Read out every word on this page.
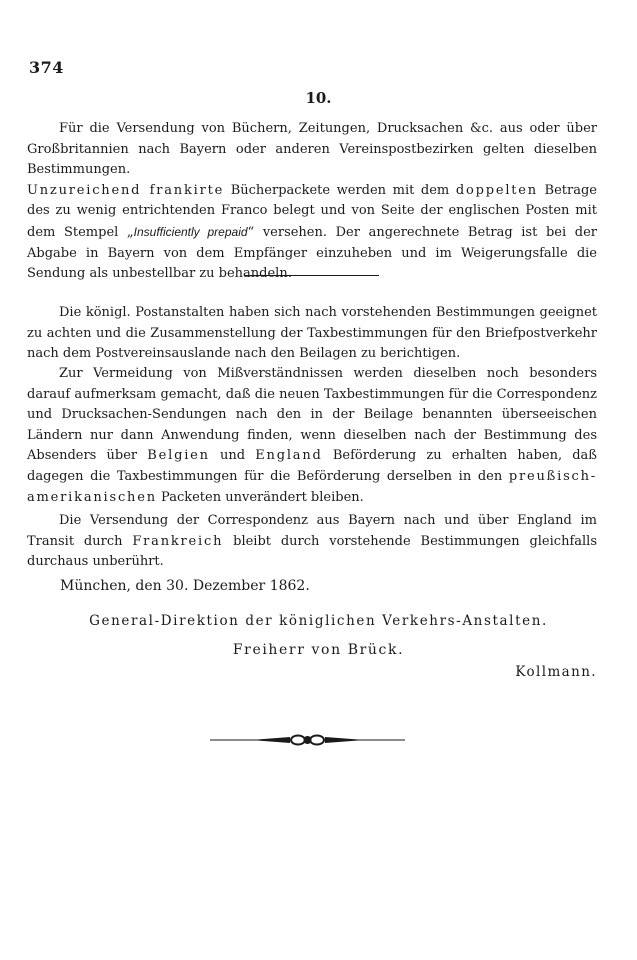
374
10.

Für die Versendung von Büchern, Zeitungen, Drucksachen &c. aus oder über Großbritannien nach Bayern oder anderen Vereinspostbezirken gelten dieselben Bestimmungen.
Unzureichend frankirte Bücherpackete werden mit dem doppelten Betrage des zu wenig entrichtenden Franco belegt und von Seite der englischen Posten mit dem Stempel „Insufficiently prepaid“ versehen. Der angerechnete Betrag ist bei der Abgabe in Bayern von dem Empfänger einzuheben und im Weigerungsfalle die Sendung als unbestellbar zu behandeln.

Die königl. Postanstalten haben sich nach vorstehenden Bestimmungen geeignet zu achten und die Zusammenstellung der Taxbestimmungen für den Briefpostverkehr nach dem Postvereinsauslande nach den Beilagen zu berichtigen.

Zur Vermeidung von Mißverständnissen werden dieselben noch besonders darauf aufmerksam gemacht, daß die neuen Taxbestimmungen für die Correspondenz und Drucksachen-Sendungen nach den in der Beilage benannten überseeischen Ländern nur dann Anwendung finden, wenn dieselben nach der Bestimmung des Absenders über Belgien und England Beförderung zu erhalten haben, daß dagegen die Taxbestimmungen für die Beförderung derselben in den preußisch-amerikanischen Packeten unverändert bleiben.

Die Versendung der Correspondenz aus Bayern nach und über England im Transit durch Frankreich bleibt durch vorstehende Bestimmungen gleichfalls durchaus unberührt.

München, den 30. Dezember 1862.

General-Direktion der königlichen Verkehrs-Anstalten.

Freiherr von Brück.

Kollmann.
